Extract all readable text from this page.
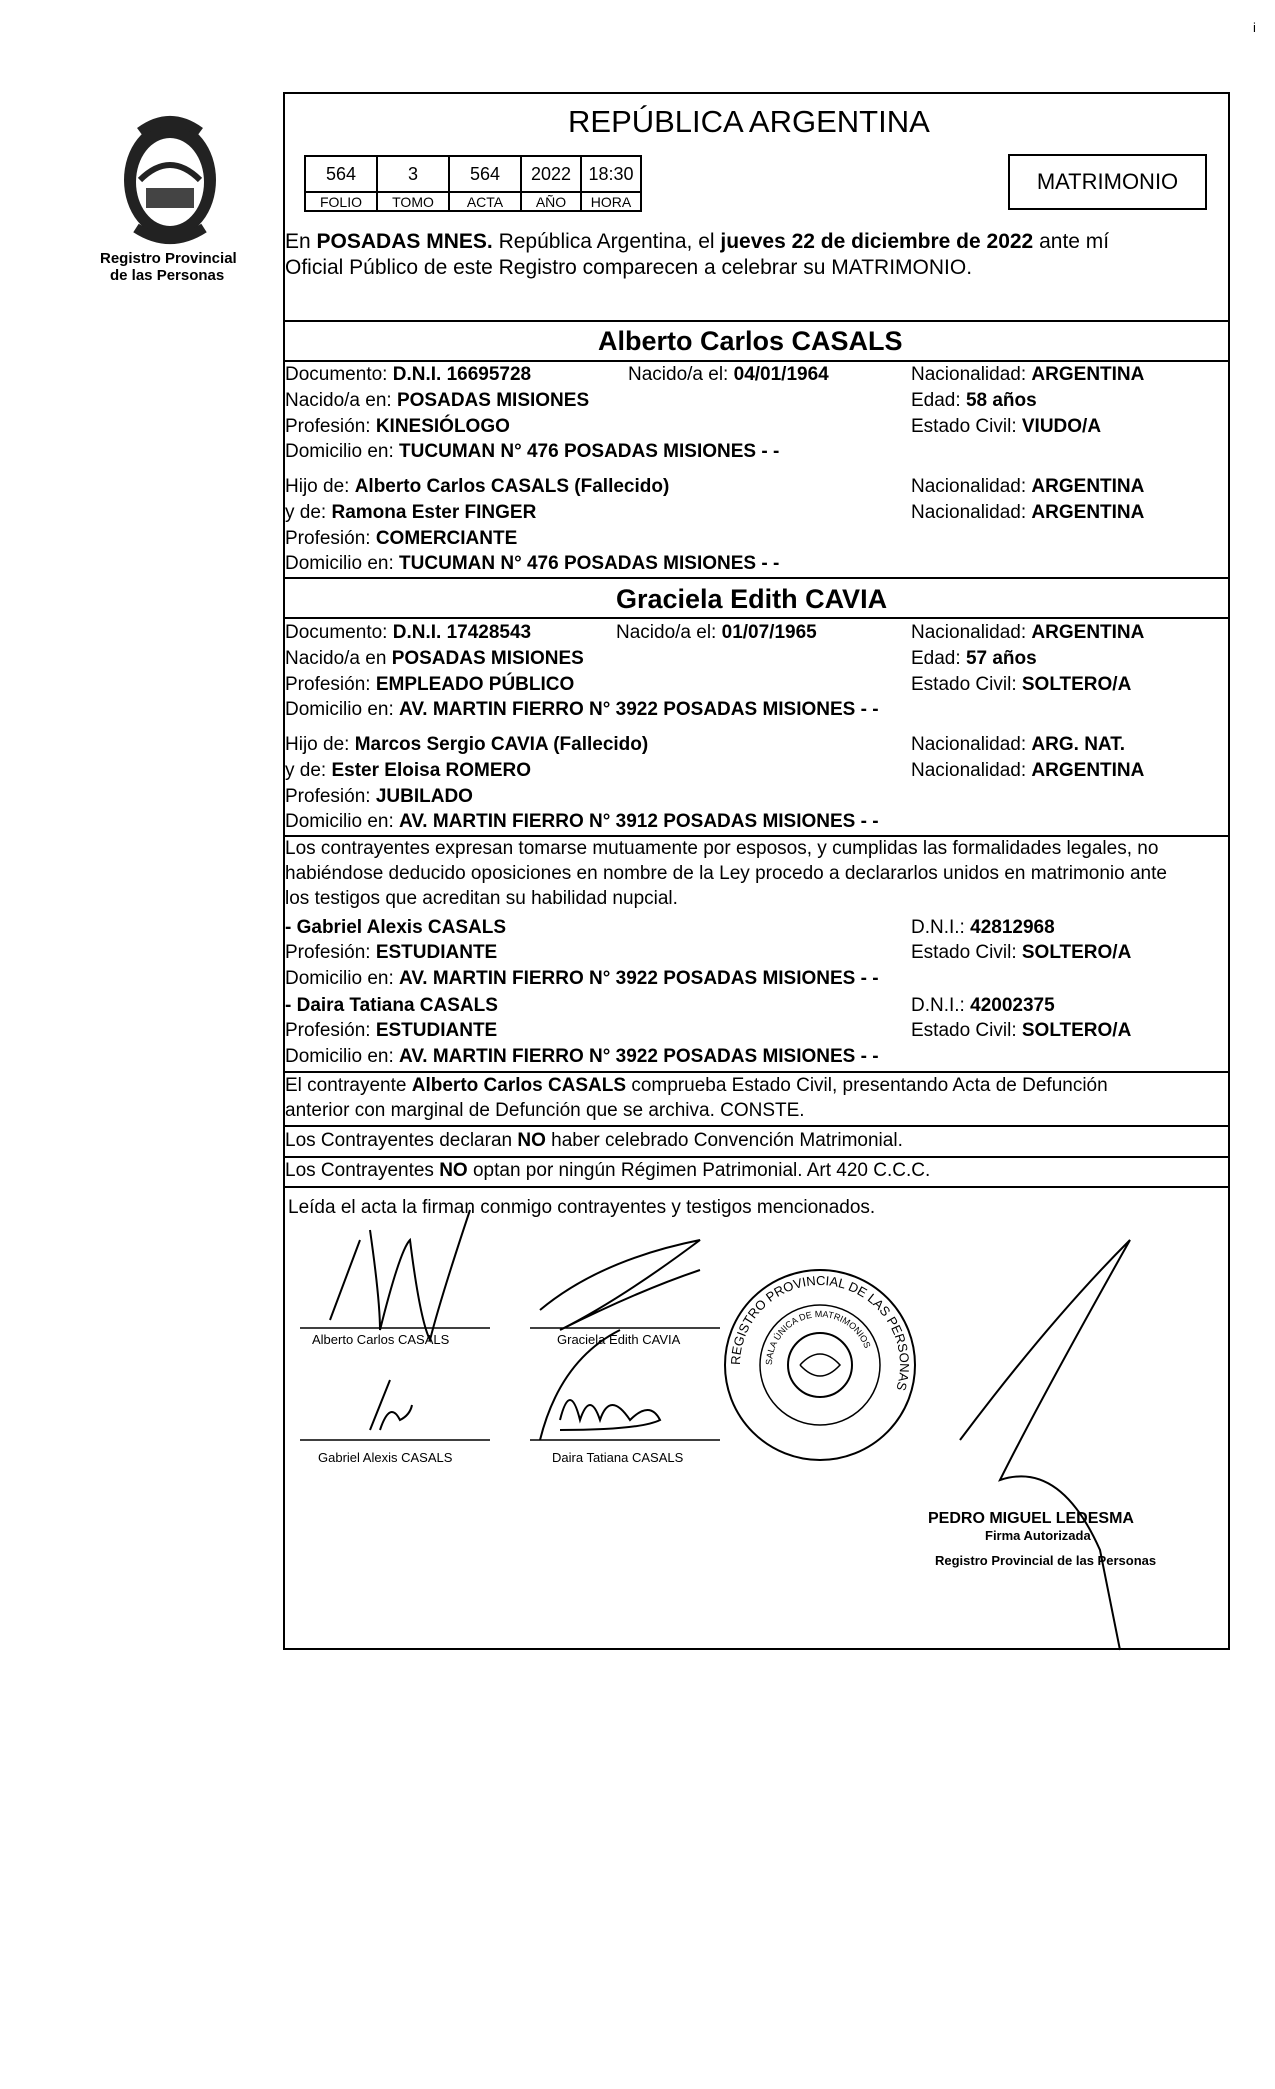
i
Registro Provincial
de las Personas
REPÚBLICA ARGENTINA
564	3	564	2022	18:30
FOLIO	TOMO	ACTA	AÑO	HORA
MATRIMONIO
En POSADAS MNES. República Argentina, el jueves 22 de diciembre de 2022 ante mí
Oficial Público de este Registro comparecen a celebrar su MATRIMONIO.
Alberto Carlos CASALS
Documento: D.N.I. 16695728	Nacido/a el: 04/01/1964	Nacionalidad: ARGENTINA
Nacido/a en: POSADAS MISIONES	Edad: 58 años
Profesión: KINESIÓLOGO	Estado Civil: VIUDO/A
Domicilio en: TUCUMAN N° 476 POSADAS MISIONES - -
Hijo de: Alberto Carlos CASALS (Fallecido)	Nacionalidad: ARGENTINA
y de: Ramona Ester FINGER	Nacionalidad: ARGENTINA
Profesión: COMERCIANTE
Domicilio en: TUCUMAN N° 476 POSADAS MISIONES - -
Graciela Edith CAVIA
Documento: D.N.I. 17428543	Nacido/a el: 01/07/1965	Nacionalidad: ARGENTINA
Nacido/a en POSADAS MISIONES	Edad: 57 años
Profesión: EMPLEADO PÚBLICO	Estado Civil: SOLTERO/A
Domicilio en: AV. MARTIN FIERRO N° 3922 POSADAS MISIONES - -
Hijo de: Marcos Sergio CAVIA (Fallecido)	Nacionalidad: ARG. NAT.
y de: Ester Eloisa ROMERO	Nacionalidad: ARGENTINA
Profesión: JUBILADO
Domicilio en: AV. MARTIN FIERRO N° 3912 POSADAS MISIONES - -
Los contrayentes expresan tomarse mutuamente por esposos, y cumplidas las formalidades legales, no
habiéndose deducido oposiciones en nombre de la Ley procedo a declararlos unidos en matrimonio ante
los testigos que acreditan su habilidad nupcial.
- Gabriel Alexis CASALS	D.N.I.: 42812968
Profesión: ESTUDIANTE	Estado Civil: SOLTERO/A
Domicilio en: AV. MARTIN FIERRO N° 3922 POSADAS MISIONES - -
- Daira Tatiana CASALS	D.N.I.: 42002375
Profesión: ESTUDIANTE	Estado Civil: SOLTERO/A
Domicilio en: AV. MARTIN FIERRO N° 3922 POSADAS MISIONES - -
El contrayente Alberto Carlos CASALS comprueba Estado Civil, presentando Acta de Defunción
anterior con marginal de Defunción que se archiva. CONSTE.
Los Contrayentes declaran NO haber celebrado Convención Matrimonial.
Los Contrayentes NO optan por ningún Régimen Patrimonial. Art 420 C.C.C.
Leída el acta la firman conmigo contrayentes y testigos mencionados.
Alberto Carlos CASALS	Graciela Edith CAVIA
Gabriel Alexis CASALS	Daira Tatiana CASALS
REGISTRO PROVINCIAL DE LAS PERSONAS
SALA ÚNICA DE MATRIMONIOS
PEDRO MIGUEL LEDESMA
Firma Autorizada
Registro Provincial de las Personas
